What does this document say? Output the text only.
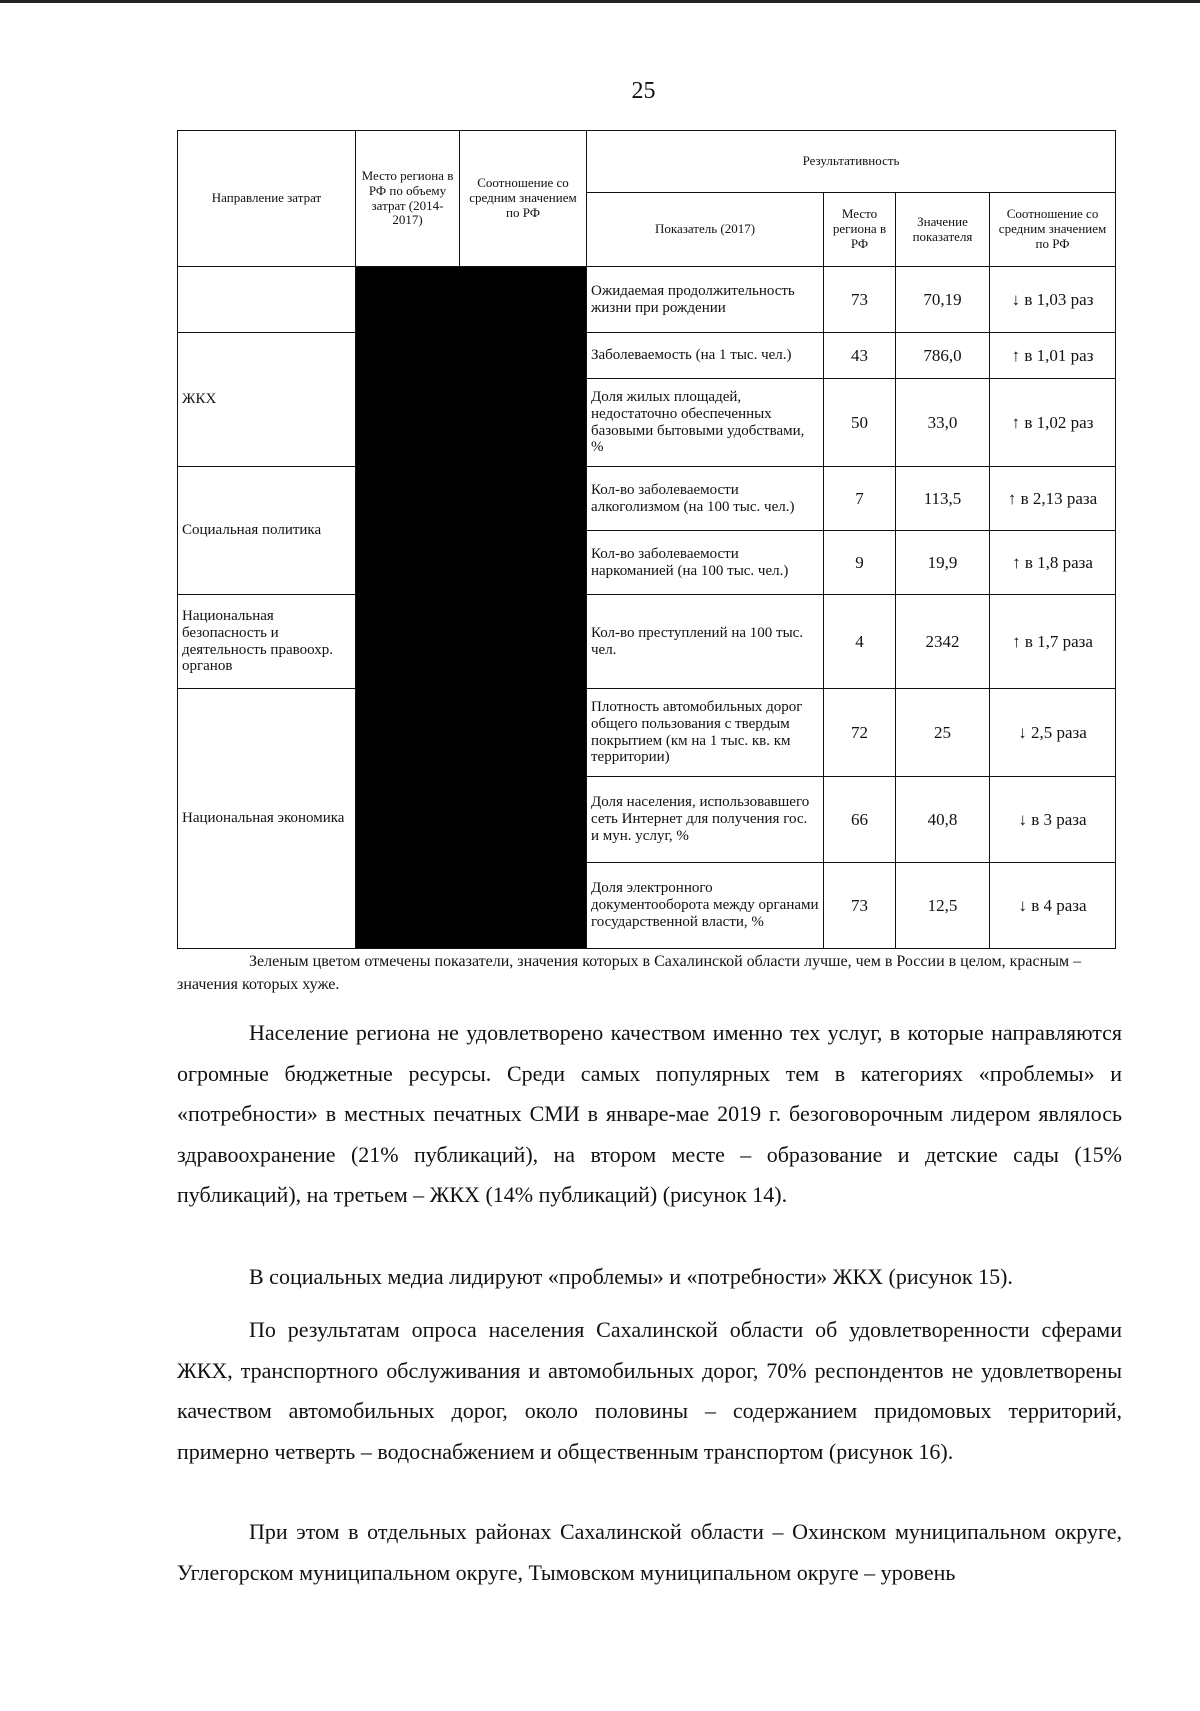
25
Направление затрат	Место региона в РФ по объему затрат (2014-2017)	Соотношение со средним значением по РФ	Результативность			
			Показатель (2017)	Место региона в РФ	Значение показателя	Соотношение со средним значением по РФ
			Ожидаемая продолжительность жизни при рождении	73	70,19	↓ в 1,03 раз
ЖКХ			Заболеваемость (на 1 тыс. чел.)	43	786,0	↑ в 1,01 раз
			Доля жилых площадей, недостаточно обеспеченных базовыми бытовыми удобствами, %	50	33,0	↑ в 1,02 раз
Социальная политика			Кол-во заболеваемости алкоголизмом (на 100 тыс. чел.)	7	113,5	↑ в 2,13 раза
			Кол-во заболеваемости наркоманией (на 100 тыс. чел.)	9	19,9	↑ в 1,8 раза
Национальная безопасность и деятельность правоохр. органов			Кол-во преступлений на 100 тыс. чел.	4	2342	↑ в 1,7 раза
Национальная экономика			Плотность автомобильных дорог общего пользования с твердым покрытием (км на 1 тыс. кв. км территории)	72	25	↓ 2,5 раза
			Доля населения, использовавшего сеть Интернет для получения гос. и мун. услуг, %	66	40,8	↓ в 3 раза
			Доля электронного документооборота между органами государственной власти, %	73	12,5	↓ в 4 раза
Зеленым цветом отмечены показатели, значения которых в Сахалинской области лучше, чем в России в целом, красным – значения которых хуже.

Население региона не удовлетворено качеством именно тех услуг, в которые направляются огромные бюджетные ресурсы. Среди самых популярных тем в категориях «проблемы» и «потребности» в местных печатных СМИ в январе-мае 2019 г. безоговорочным лидером являлось здравоохранение (21% публикаций), на втором месте – образование и детские сады (15% публикаций), на третьем – ЖКХ (14% публикаций) (рисунок 14).

В социальных медиа лидируют «проблемы» и «потребности» ЖКХ (рисунок 15).

По результатам опроса населения Сахалинской области об удовлетворенности сферами ЖКХ, транспортного обслуживания и автомобильных дорог, 70% респондентов не удовлетворены качеством автомобильных дорог, около половины – содержанием придомовых территорий, примерно четверть – водоснабжением и общественным транспортом (рисунок 16).

При этом в отдельных районах Сахалинской области – Охинском муниципальном округе, Углегорском муниципальном округе, Тымовском муниципальном округе – уровень
